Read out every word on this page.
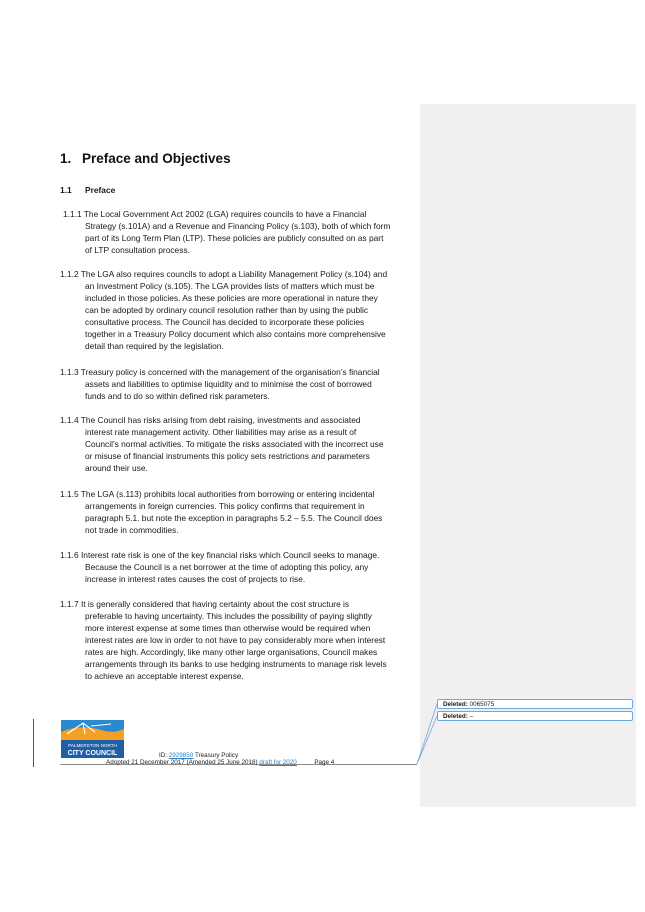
1. Preface and Objectives
1.1 Preface
1.1.1 The Local Government Act 2002 (LGA) requires councils to have a Financial
Strategy (s.101A) and a Revenue and Financing Policy (s.103), both of which form
part of its Long Term Plan (LTP). These policies are publicly consulted on as part
of LTP consultation process.
1.1.2 The LGA also requires councils to adopt a Liability Management Policy (s.104) and
an Investment Policy (s.105). The LGA provides lists of matters which must be
included in those policies. As these policies are more operational in nature they
can be adopted by ordinary council resolution rather than by using the public
consultative process. The Council has decided to incorporate these policies
together in a Treasury Policy document which also contains more comprehensive
detail than required by the legislation.
1.1.3 Treasury policy is concerned with the management of the organisation’s financial
assets and liabilities to optimise liquidity and to minimise the cost of borrowed
funds and to do so within defined risk parameters.
1.1.4 The Council has risks arising from debt raising, investments and associated
interest rate management activity. Other liabilities may arise as a result of
Council’s normal activities. To mitigate the risks associated with the incorrect use
or misuse of financial instruments this policy sets restrictions and parameters
around their use.
1.1.5 The LGA (s.113) prohibits local authorities from borrowing or entering incidental
arrangements in foreign currencies. This policy confirms that requirement in
paragraph 5.1. but note the exception in paragraphs 5.2 – 5.5. The Council does
not trade in commodities.
1.1.6 Interest rate risk is one of the key financial risks which Council seeks to manage.
Because the Council is a net borrower at the time of adopting this policy, any
increase in interest rates causes the cost of projects to rise.
1.1.7 It is generally considered that having certainty about the cost structure is
preferable to having uncertainty. This includes the possibility of paying slightly
more interest expense at some times than otherwise would be required when
interest rates are low in order to not have to pay considerably more when interest
rates are high. Accordingly, like many other large organisations, Council makes
arrangements through its banks to use hedging instruments to manage risk levels
to achieve an acceptable interest expense.
PALMERSTON NORTH
CITY COUNCIL	ID: 2929850 Treasury Policy
Adopted 21 December 2017 (Amended 25 June 2018) draft for 2020	Page 4
Deleted: 0065075
Deleted: –
